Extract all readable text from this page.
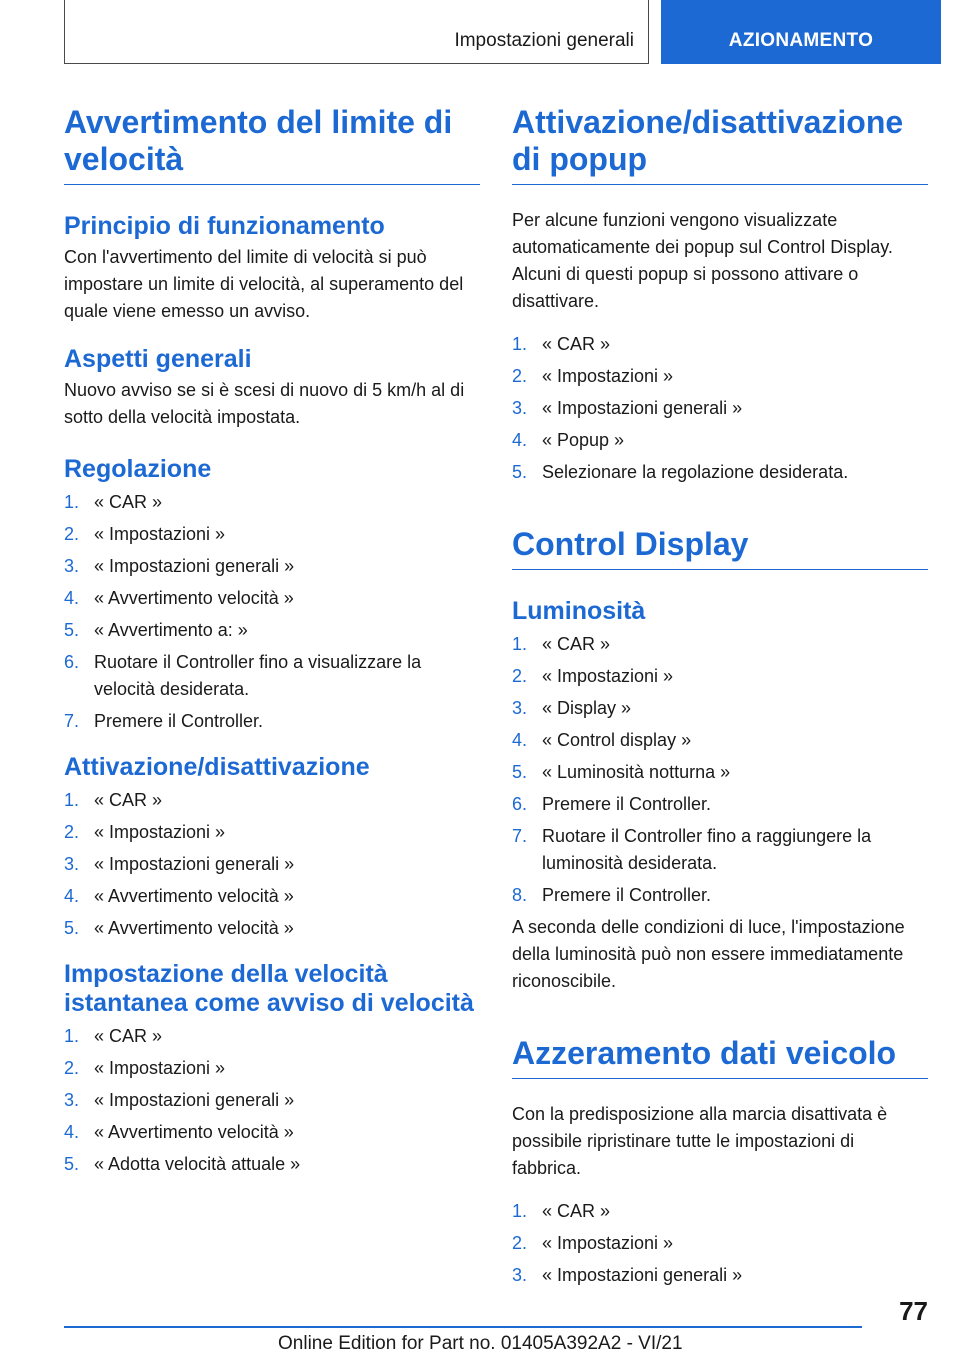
Impostazioni generali	AZIONAMENTO
Avvertimento del limite di velocità
Principio di funzionamento

Con l'avvertimento del limite di velocità si può impostare un limite di velocità, al superamento del quale viene emesso un avviso.

Aspetti generali

Nuovo avviso se si è scesi di nuovo di 5 km/h al di sotto della velocità impostata.

Regolazione
1. « CAR »
2. « Impostazioni »
3. « Impostazioni generali »
4. « Avvertimento velocità »
5. « Avvertimento a: »
6. Ruotare il Controller fino a visualizzare la velocità desiderata.
7. Premere il Controller.
Attivazione/disattivazione
1. « CAR »
2. « Impostazioni »
3. « Impostazioni generali »
4. « Avvertimento velocità »
5. « Avvertimento velocità »
Impostazione della velocità istantanea come avviso di velocità
1. « CAR »
2. « Impostazioni »
3. « Impostazioni generali »
4. « Avvertimento velocità »
5. « Adotta velocità attuale »
Attivazione/disattivazione di popup

Per alcune funzioni vengono visualizzate automaticamente dei popup sul Control Display. Alcuni di questi popup si possono attivare o disattivare.

1. « CAR »
2. « Impostazioni »
3. « Impostazioni generali »
4. « Popup »
5. Selezionare la regolazione desiderata.
Control Display
Luminosità
1. « CAR »
2. « Impostazioni »
3. « Display »
4. « Control display »
5. « Luminosità notturna »
6. Premere il Controller.
7. Ruotare il Controller fino a raggiungere la luminosità desiderata.
8. Premere il Controller.

A seconda delle condizioni di luce, l'impostazione della luminosità può non essere immediatamente riconoscibile.

Azzeramento dati veicolo

Con la predisposizione alla marcia disattivata è possibile ripristinare tutte le impostazioni di fabbrica.

1. « CAR »
2. « Impostazioni »
3. « Impostazioni generali »
77
Online Edition for Part no. 01405A392A2 - VI/21
